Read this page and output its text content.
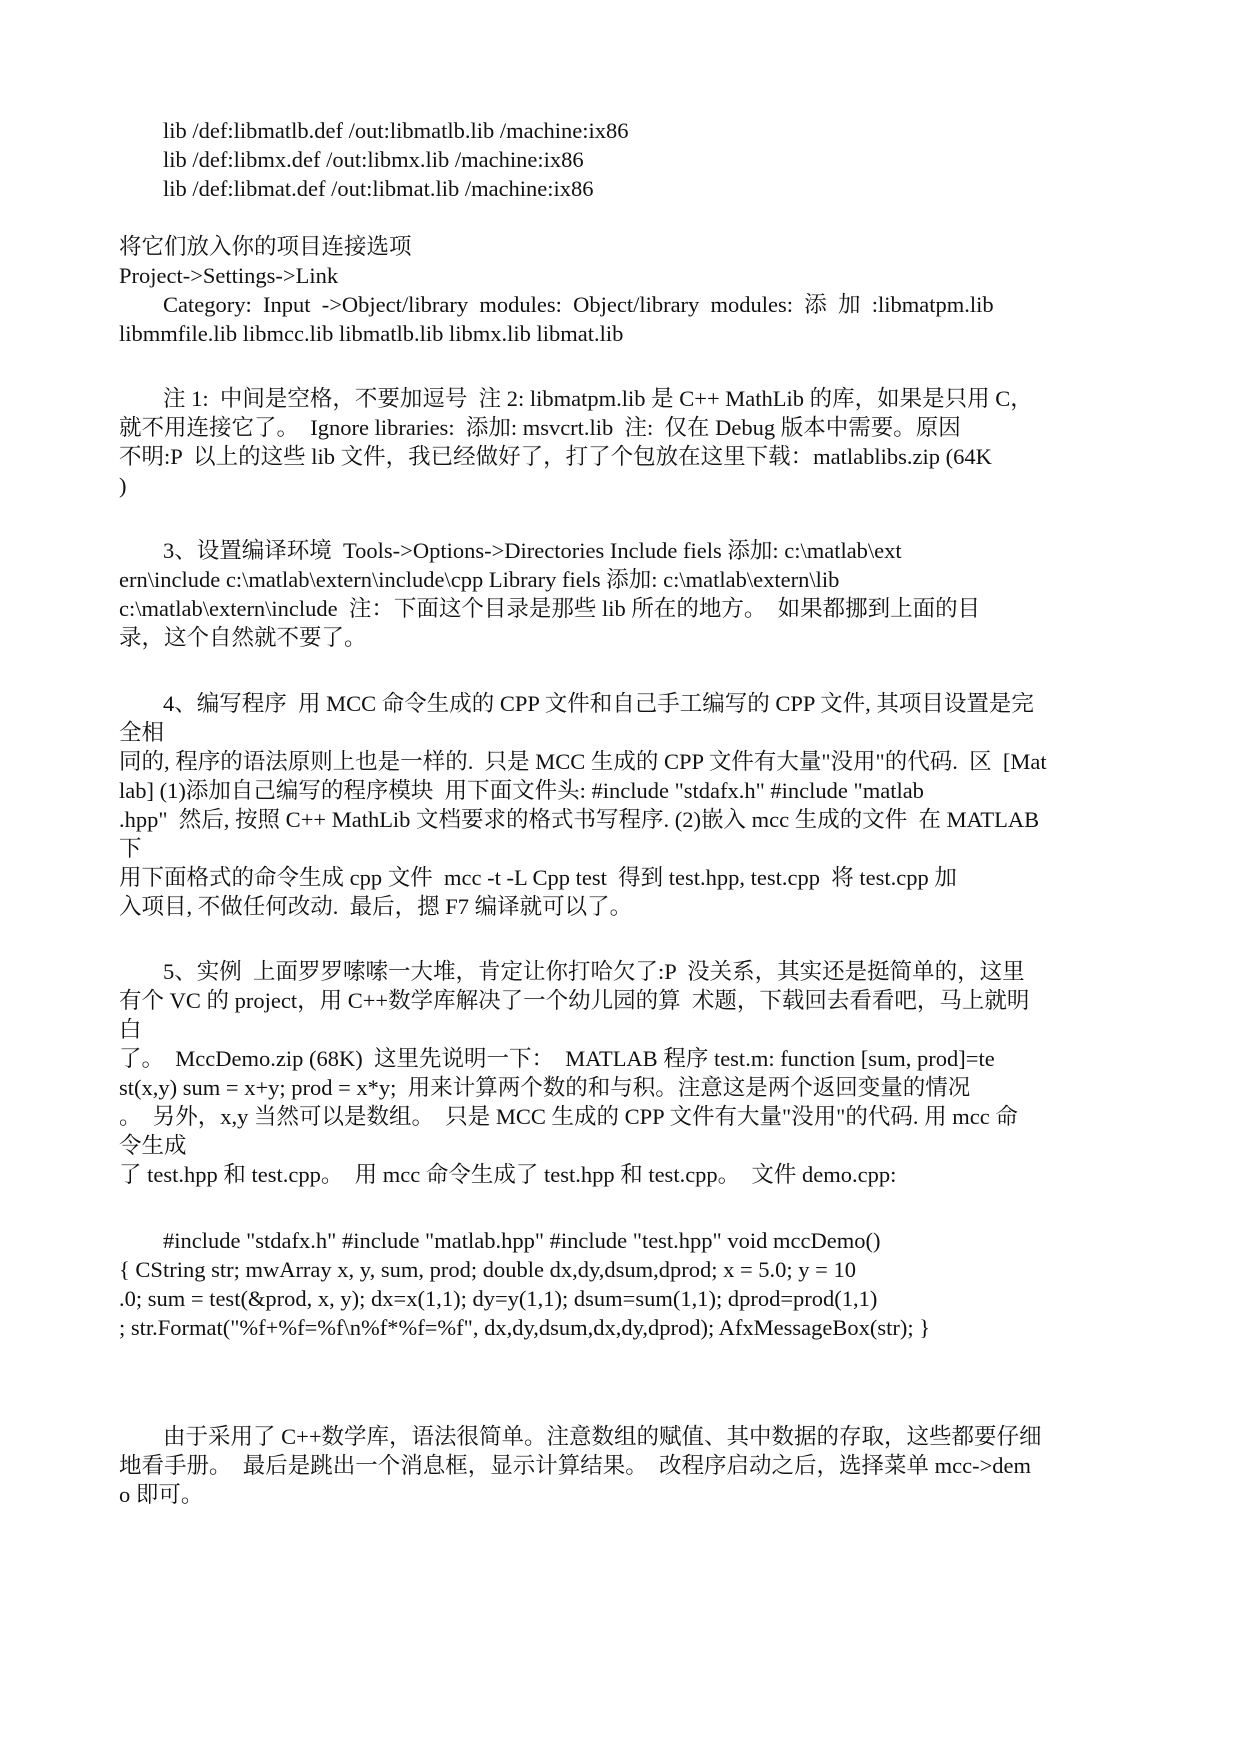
lib /def:libmatlb.def /out:libmatlb.lib /machine:ix86
lib /def:libmx.def /out:libmx.lib /machine:ix86
lib /def:libmat.def /out:libmat.lib /machine:ix86
将它们放入你的项目连接选项
Project->Settings->Link
Category:  Input  ->Object/library  modules:  Object/library  modules:  添  加  :libmatpm.lib
libmmfile.lib libmcc.lib libmatlb.lib libmx.lib libmat.lib
注 1:  中间是空格，不要加逗号  注 2: libmatpm.lib 是 C++ MathLib 的库，如果是只用 C，
就不用连接它了。  Ignore libraries:  添加: msvcrt.lib  注:  仅在 Debug 版本中需要。原因
不明:P  以上的这些 lib 文件，我已经做好了，打了个包放在这里下载：matlablibs.zip (64K
)
3、设置编译环境  Tools->Options->Directories Include fiels 添加: c:\matlab\ext
ern\include c:\matlab\extern\include\cpp Library fiels 添加: c:\matlab\extern\lib
c:\matlab\extern\include  注：下面这个目录是那些 lib 所在的地方。  如果都挪到上面的目
录，这个自然就不要了。
4、编写程序  用 MCC 命令生成的 CPP 文件和自己手工编写的 CPP 文件, 其项目设置是完
全相
同的, 程序的语法原则上也是一样的.  只是 MCC 生成的 CPP 文件有大量"没用"的代码.  区  [Mat
lab] (1)添加自己编写的程序模块  用下面文件头: #include "stdafx.h" #include "matlab
.hpp"  然后, 按照 C++ MathLib 文档要求的格式书写程序. (2)嵌入 mcc 生成的文件  在 MATLAB
下
用下面格式的命令生成 cpp 文件  mcc -t -L Cpp test  得到 test.hpp, test.cpp  将 test.cpp 加
入项目, 不做任何改动.  最后，摁 F7 编译就可以了。
5、实例  上面罗罗嗦嗦一大堆，肯定让你打哈欠了:P  没关系，其实还是挺简单的，这里
有个 VC 的 project，用 C++数学库解决了一个幼儿园的算  术题，下载回去看看吧，马上就明
白
了。  MccDemo.zip (68K)  这里先说明一下：  MATLAB 程序 test.m: function [sum, prod]=te
st(x,y) sum = x+y; prod = x*y;  用来计算两个数的和与积。注意这是两个返回变量的情况
。  另外，x,y 当然可以是数组。  只是 MCC 生成的 CPP 文件有大量"没用"的代码. 用 mcc 命
令生成
了 test.hpp 和 test.cpp。  用 mcc 命令生成了 test.hpp 和 test.cpp。  文件 demo.cpp:
#include "stdafx.h" #include "matlab.hpp" #include "test.hpp" void mccDemo()
{ CString str; mwArray x, y, sum, prod; double dx,dy,dsum,dprod; x = 5.0; y = 10
.0; sum = test(&prod, x, y); dx=x(1,1); dy=y(1,1); dsum=sum(1,1); dprod=prod(1,1)
; str.Format("%f+%f=%f\n%f*%f=%f", dx,dy,dsum,dx,dy,dprod); AfxMessageBox(str); }
由于采用了 C++数学库，语法很简单。注意数组的赋值、其中数据的存取，这些都要仔细
地看手册。  最后是跳出一个消息框，显示计算结果。  改程序启动之后，选择菜单 mcc->dem
o 即可。
